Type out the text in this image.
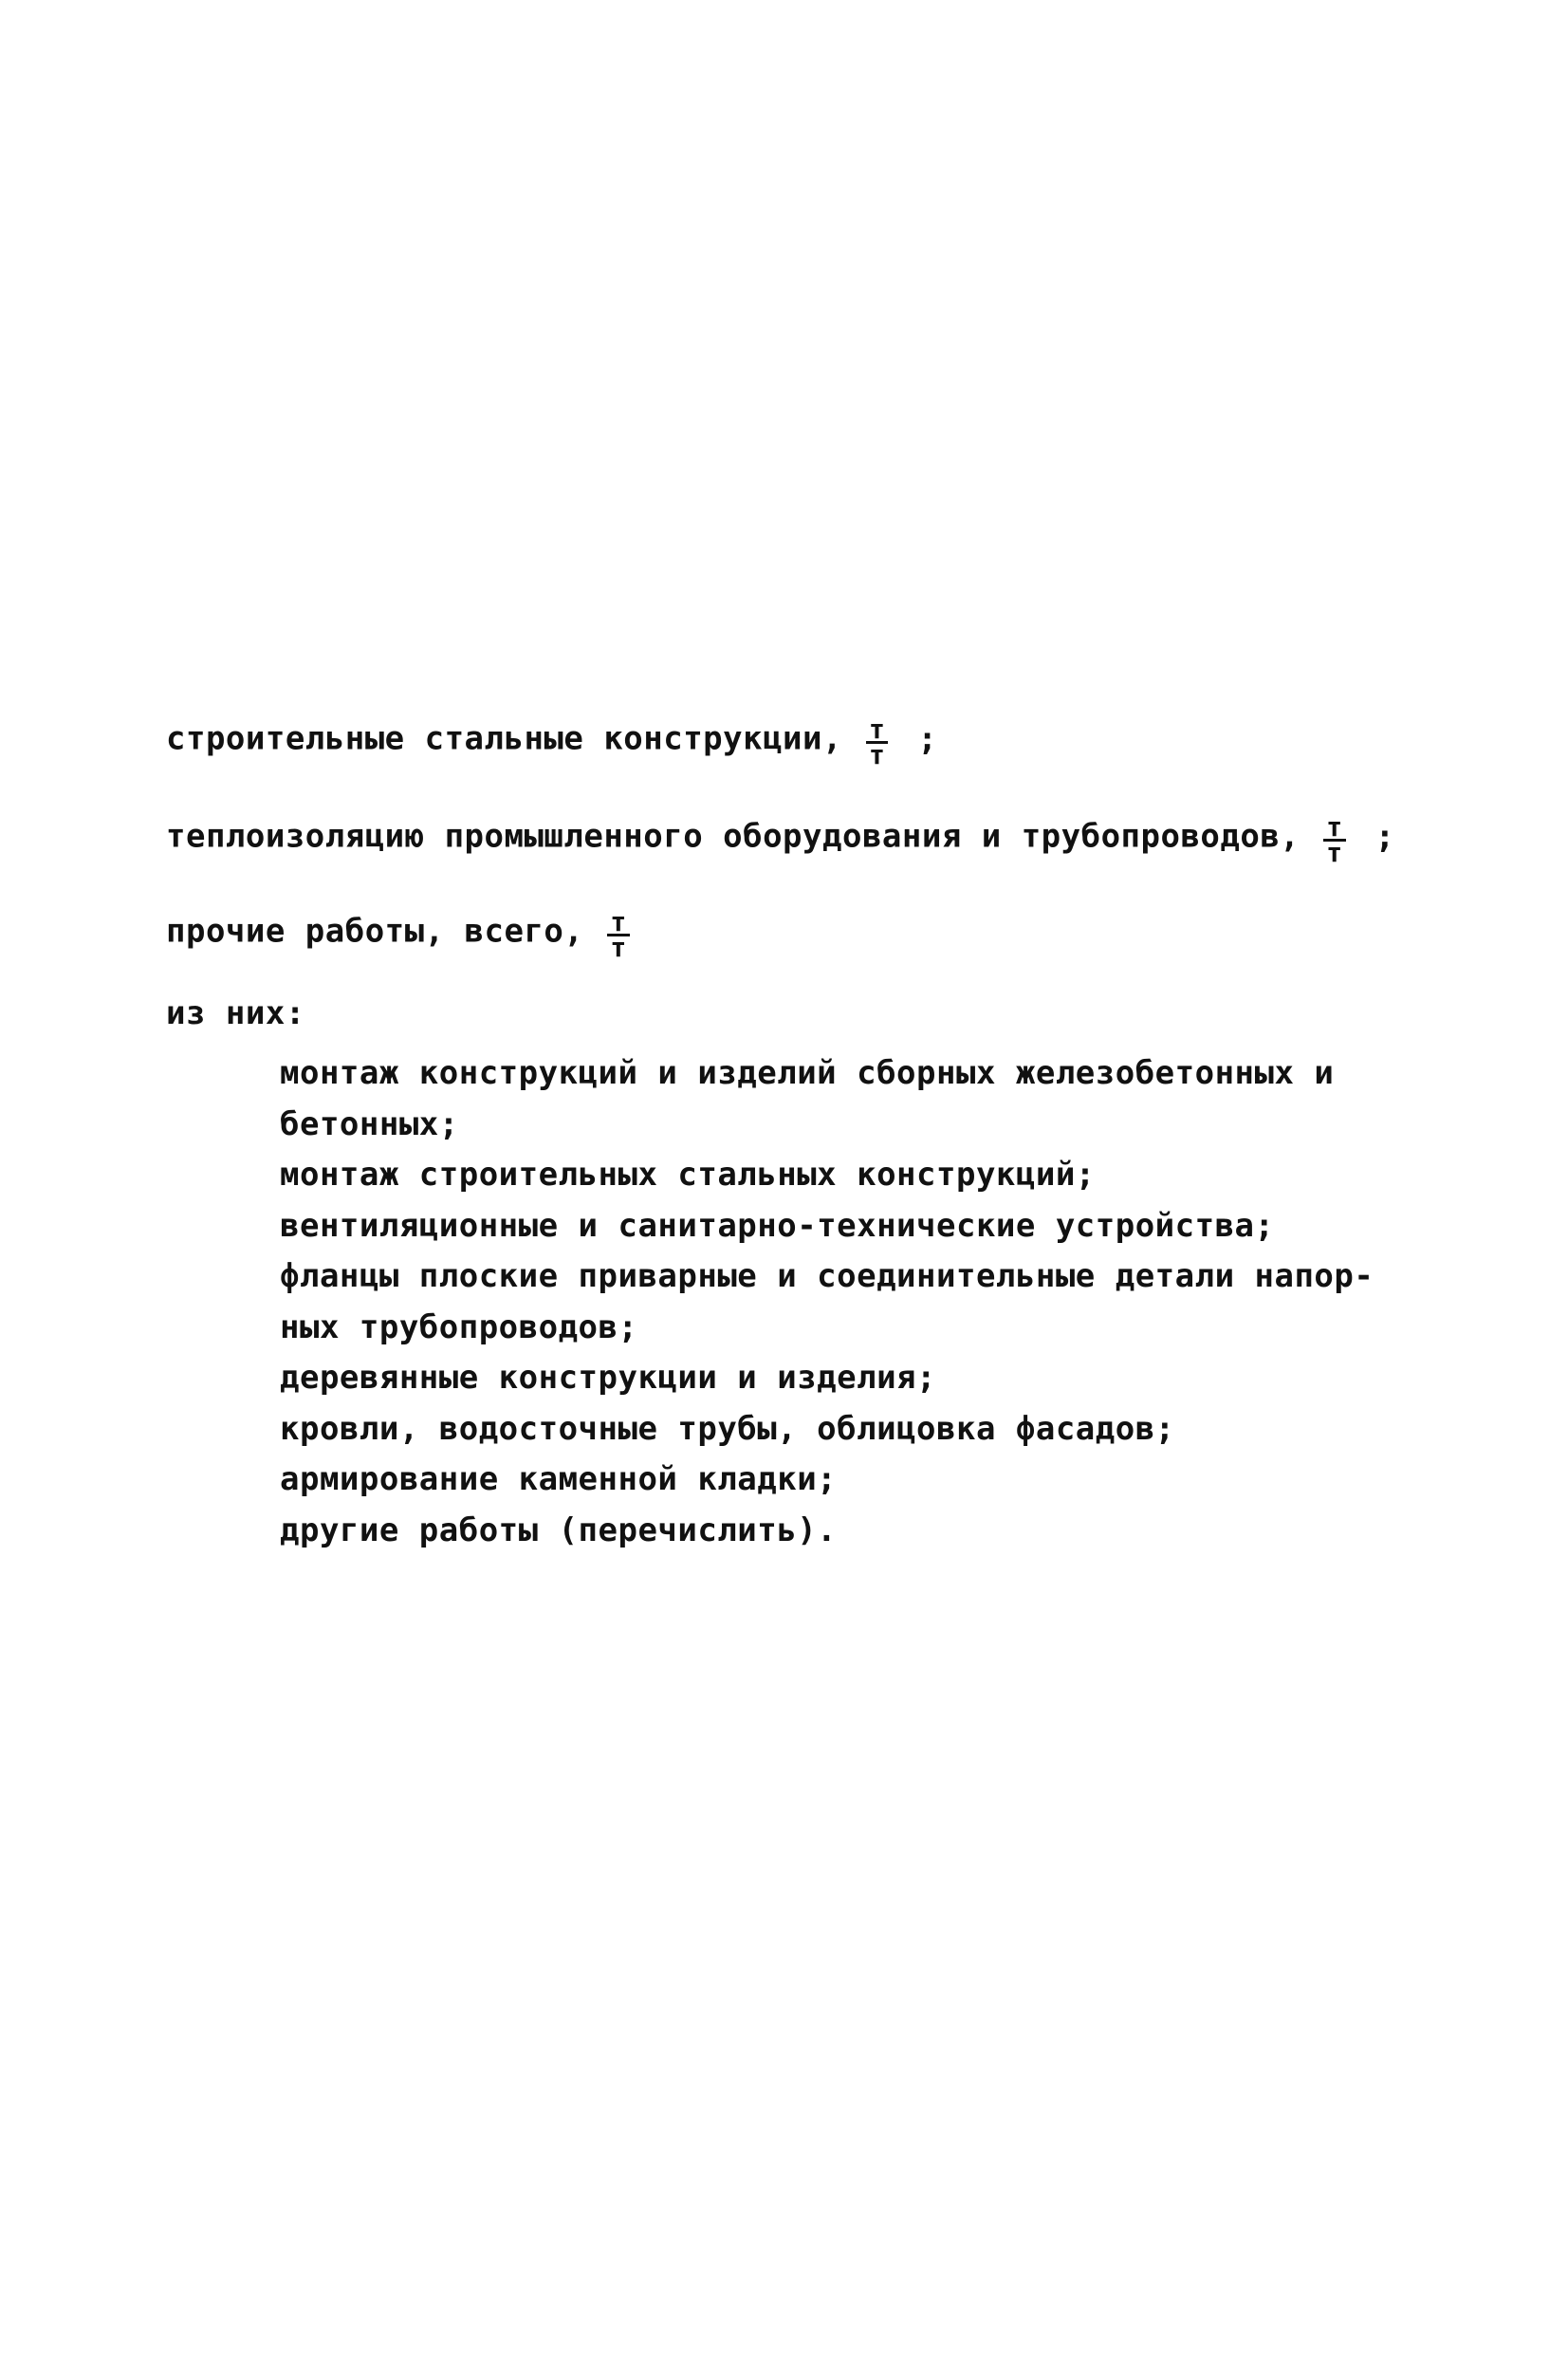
строительные стальные конструкции, $\frac{т}{т}$ ;
теплоизоляцию промышленного оборудования и трубопроводов, $\frac{т}{т}$ ;
прочие работы, всего, $\frac{т}{т}$
из них:
монтаж конструкций и изделий сборных железобетонных и
бетонных;
монтаж строительных стальных конструкций;
вентиляционные и санитарно-технические устройства;
фланцы плоские приварные и соединительные детали напор-
ных трубопроводов;
деревянные конструкции и изделия;
кровли, водосточные трубы, облицовка фасадов;
армирование каменной кладки;
другие работы (перечислить).
